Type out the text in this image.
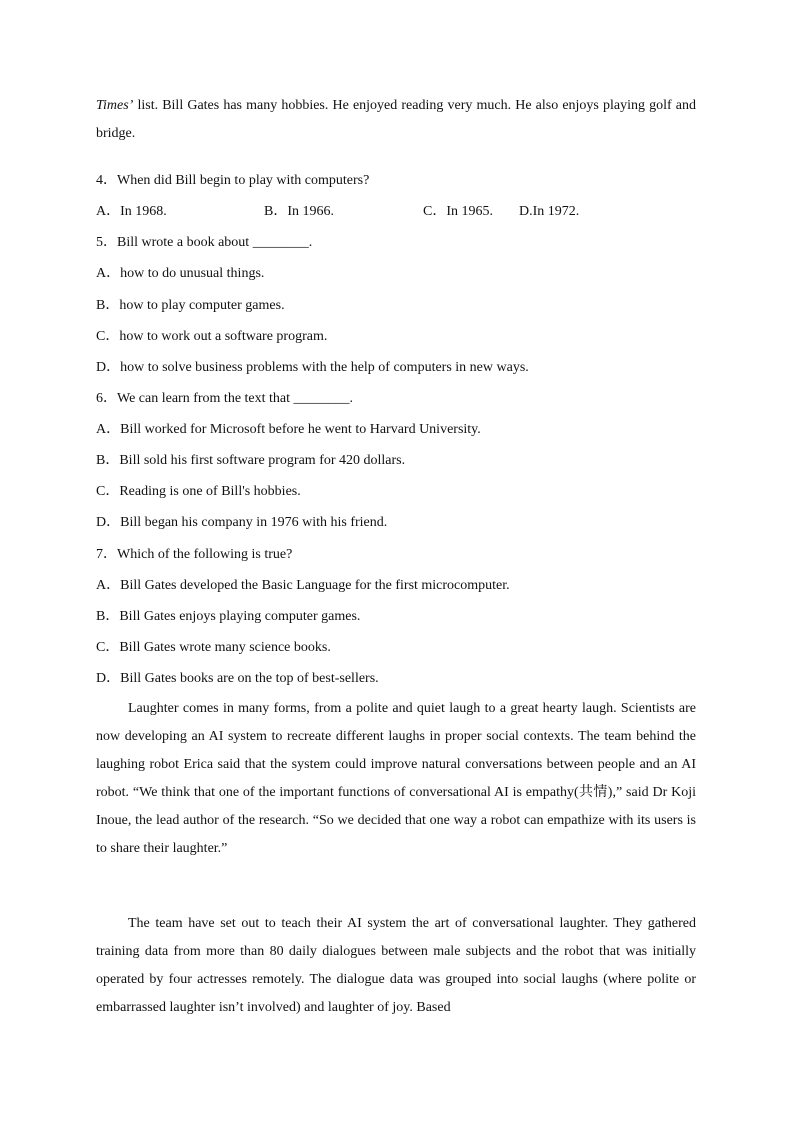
Times’ list. Bill Gates has many hobbies. He enjoyed reading very much. He also enjoys playing golf and bridge.

4．When did Bill begin to play with computers?
A．In 1968.	B．In 1966.	C．In 1965. D.In 1972.
5．Bill wrote a book about ________.
A．how to do unusual things.
B．how to play computer games.
C．how to work out a software program.
D．how to solve business problems with the help of computers in new ways.
6．We can learn from the text that ________.
A．Bill worked for Microsoft before he went to Harvard University.
B．Bill sold his first software program for 420 dollars.
C．Reading is one of Bill's hobbies.
D．Bill began his company in 1976 with his friend.
7．Which of the following is true?
A．Bill Gates developed the Basic Language for the first microcomputer.
B．Bill Gates enjoys playing computer games.
C．Bill Gates wrote many science books.
D．Bill Gates books are on the top of best-sellers.

Laughter comes in many forms, from a polite and quiet laugh to a great hearty laugh. Scientists are now developing an AI system to recreate different laughs in proper social contexts. The team behind the laughing robot Erica said that the system could improve natural conversations between people and an AI robot. “We think that one of the important functions of conversational AI is empathy(共情),” said Dr Koji Inoue, the lead author of the research. “So we decided that one way a robot can empathize with its users is to share their laughter.”

The team have set out to teach their AI system the art of conversational laughter. They gathered training data from more than 80 daily dialogues between male subjects and the robot that was initially operated by four actresses remotely. The dialogue data was grouped into social laughs (where polite or embarrassed laughter isn’t involved) and laughter of joy. Based
